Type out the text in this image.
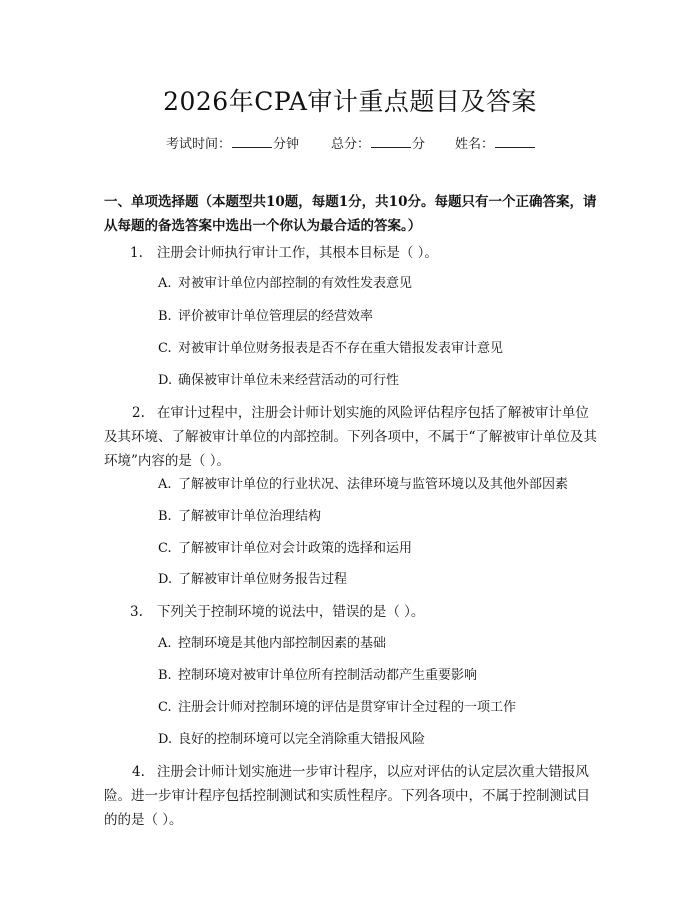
2026年CPA审计重点题目及答案
考试时间：	分钟 总分：	分 姓名：
一、单项选择题（本题型共10题，每题1分，共10分。每题只有一个正确答案，请从每题的备选答案中选出一个你认为最合适的答案。）
1. 注册会计师执行审计工作，其根本目标是（ ）。
A. 对被审计单位内部控制的有效性发表意见
B. 评价被审计单位管理层的经营效率
C. 对被审计单位财务报表是否不存在重大错报发表审计意见
D. 确保被审计单位未来经营活动的可行性
2. 在审计过程中，注册会计师计划实施的风险评估程序包括了解被审计单位及其环境、了解被审计单位的内部控制。下列各项中，不属于“了解被审计单位及其环境”内容的是（ ）。
A. 了解被审计单位的行业状况、法律环境与监管环境以及其他外部因素
B. 了解被审计单位治理结构
C. 了解被审计单位对会计政策的选择和运用
D. 了解被审计单位财务报告过程
3. 下列关于控制环境的说法中，错误的是（ ）。
A. 控制环境是其他内部控制因素的基础
B. 控制环境对被审计单位所有控制活动都产生重要影响
C. 注册会计师对控制环境的评估是贯穿审计全过程的一项工作
D. 良好的控制环境可以完全消除重大错报风险
4. 注册会计师计划实施进一步审计程序，以应对评估的认定层次重大错报风险。进一步审计程序包括控制测试和实质性程序。下列各项中，不属于控制测试目的的是（ ）。
